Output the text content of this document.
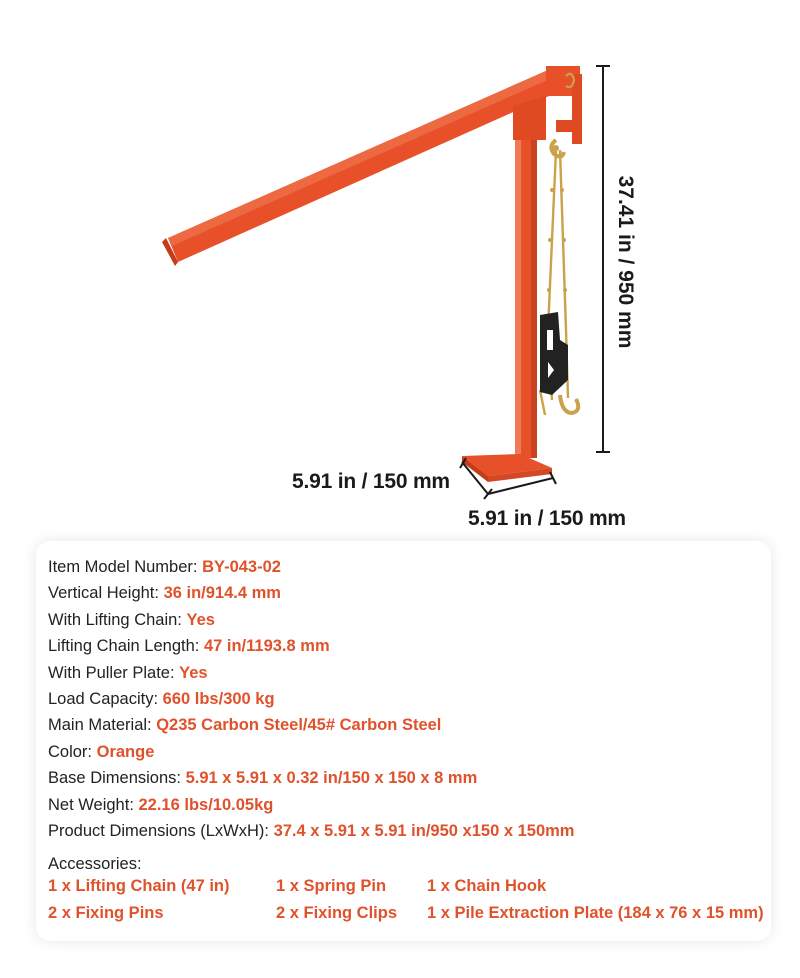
37.41 in / 950 mm
5.91 in / 150 mm
5.91 in / 150 mm
Item Model Number: BY-043-02
Vertical Height: 36 in/914.4 mm
With Lifting Chain: Yes
Lifting Chain Length: 47 in/1193.8 mm
With Puller Plate: Yes
Load Capacity: 660 lbs/300 kg
Main Material: Q235 Carbon Steel/45# Carbon Steel
Color: Orange
Base Dimensions: 5.91 x 5.91 x 0.32 in/150 x 150 x 8 mm
Net Weight: 22.16 lbs/10.05kg
Product Dimensions (LxWxH): 37.4 x 5.91 x 5.91 in/950 x150 x 150mm
Accessories:
1 x Lifting Chain (47 in)	1 x Spring Pin 1 x Chain Hook
2 x Fixing Pins	2 x Fixing Clips 1 x Pile Extraction Plate (184 x 76 x 15 mm)
